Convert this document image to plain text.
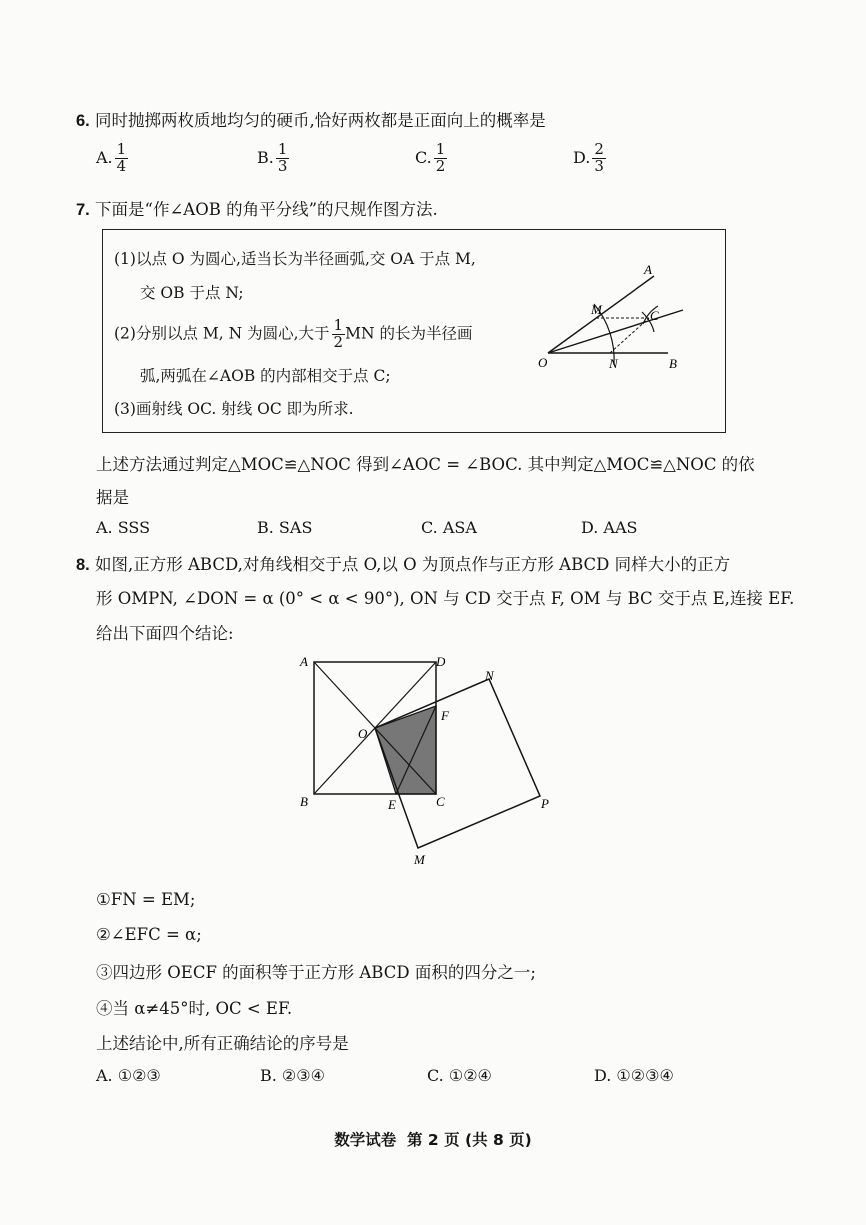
6. 同时抛掷两枚质地均匀的硬币,恰好两枚都是正面向上的概率是
A. $\frac{1}{4}$	B. $\frac{1}{3}$	C. $\frac{1}{2}$	D. $\frac{2}{3}$
7. 下面是“作∠AOB 的角平分线”的尺规作图方法.
(1)以点 O 为圆心,适当长为半径画弧,交 OA 于点 M,
交 OB 于点 N;
(2)分别以点 M, N 为圆心,大于 $\frac{1}{2}$ MN 的长为半径画
弧,两弧在∠AOB 的内部相交于点 C;
(3)画射线 OC. 射线 OC 即为所求.
A
M	C
O	N	B
上述方法通过判定△MOC≌△NOC 得到∠AOC = ∠BOC. 其中判定△MOC≌△NOC 的依
据是
A. SSS	B. SAS	C. ASA	D. AAS
8. 如图,正方形 ABCD,对角线相交于点 O,以 O 为顶点作与正方形 ABCD 同样大小的正方
形 OMPN, ∠DON = α (0° < α < 90°), ON 与 CD 交于点 F, OM 与 BC 交于点 E,连接 EF.
给出下面四个结论:
A	D
N
F
O
B	E	C	P
M
①FN = EM;
②∠EFC = α;
③四边形 OECF 的面积等于正方形 ABCD 面积的四分之一;
④当 α≠45°时, OC < EF.
上述结论中,所有正确结论的序号是
A. ①②③	B. ②③④	C. ①②④	D. ①②③④
数学试卷  第 2 页 (共 8 页)
